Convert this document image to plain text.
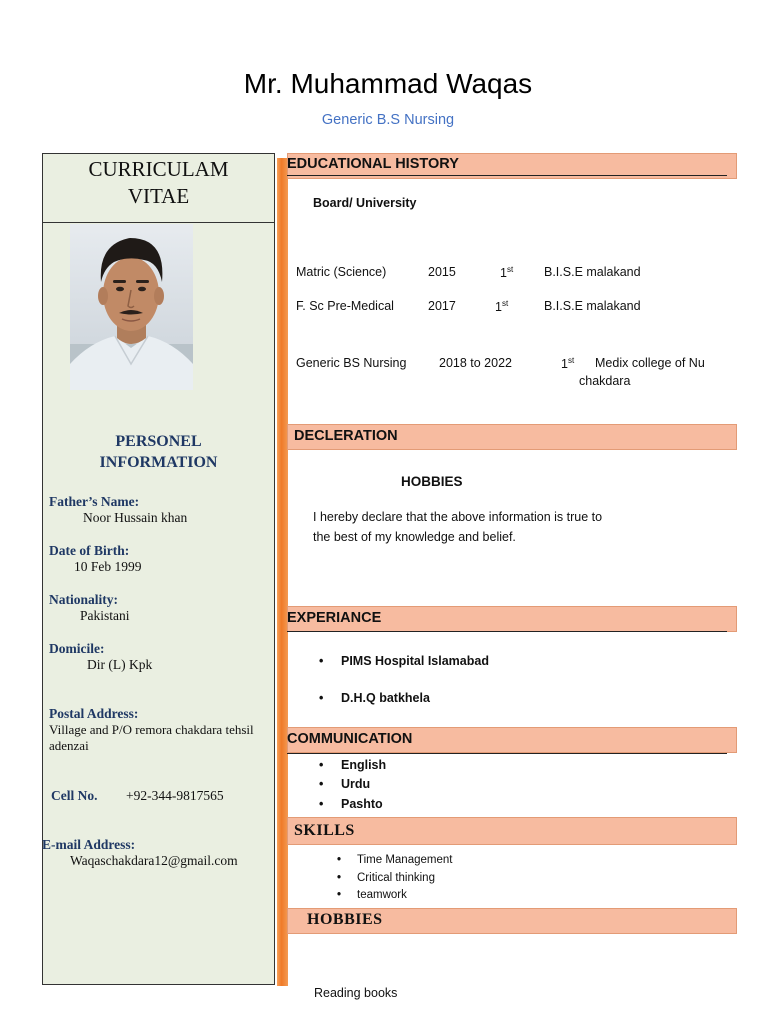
Mr. Muhammad Waqas
Generic B.S Nursing
CURRICULAM
VITAE
PERSONEL
INFORMATION
Father’s Name:
Noor Hussain khan
Date of Birth:
10 Feb 1999
Nationality:
Pakistani
Domicile:
Dir (L) Kpk
Postal Address:
Village and P/O remora chakdara tehsil
adenzai
Cell No. +92-344-9817565
E-mail Address:
Waqaschakdara12@gmail.com
EDUCATIONAL HISTORY
Board/ University
Matric (Science)	2015	1st B.I.S.E malakand
F. Sc Pre-Medical	2017	1st	B.I.S.E malakand
Generic BS Nursing	2018 to 2022	1st Medix college of Nu
chakdara
DECLERATION
HOBBIES
I hereby declare that the above information is true to
the best of my knowledge and belief.
EXPERIANCE
• PIMS Hospital Islamabad
• D.H.Q batkhela
COMMUNICATION
• English
• Urdu
• Pashto
SKILLS
• Time Management
• Critical thinking
• teamwork
HOBBIES
Reading books
